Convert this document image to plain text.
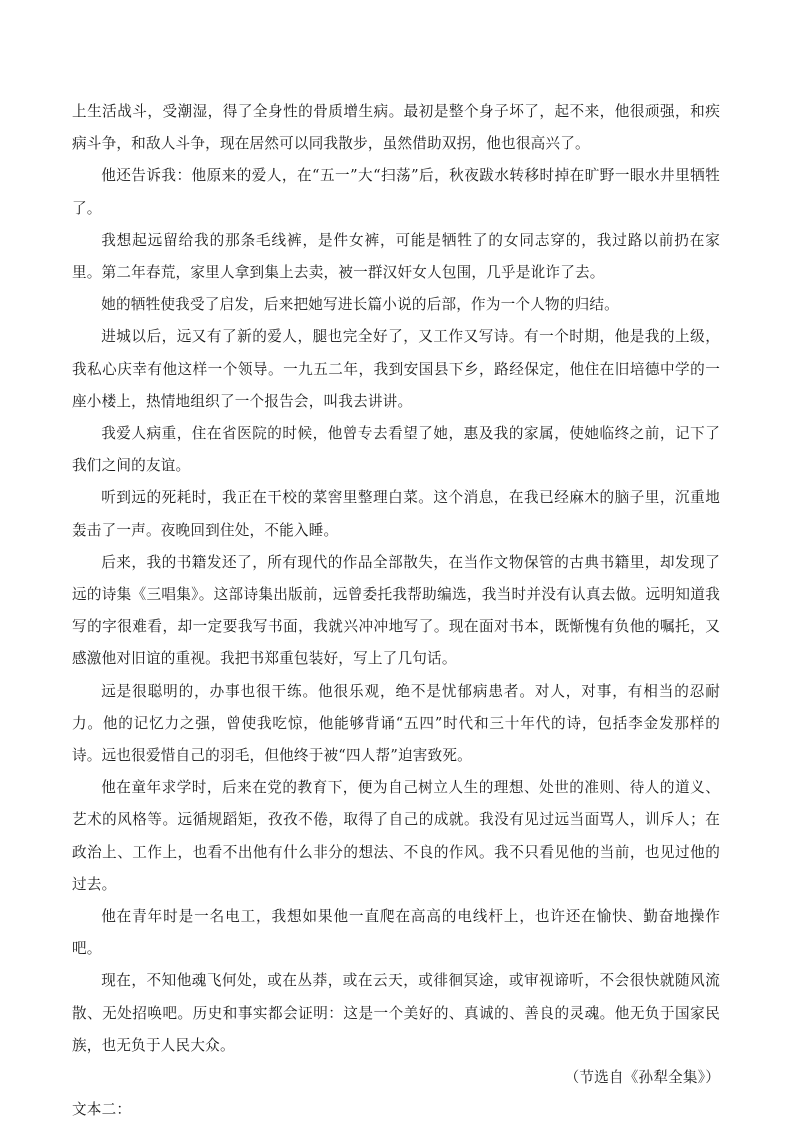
上生活战斗，受潮湿，得了全身性的骨质增生病。最初是整个身子坏了，起不来，他很顽强，和疾病斗争，和敌人斗争，现在居然可以同我散步，虽然借助双拐，他也很高兴了。

他还告诉我：他原来的爱人，在“五一”大“扫荡”后，秋夜跋水转移时掉在旷野一眼水井里牺牲了。

我想起远留给我的那条毛线裤，是件女裤，可能是牺牲了的女同志穿的，我过路以前扔在家里。第二年春荒，家里人拿到集上去卖，被一群汉奸女人包围，几乎是讹诈了去。

她的牺牲使我受了启发，后来把她写进长篇小说的后部，作为一个人物的归结。

进城以后，远又有了新的爱人，腿也完全好了，又工作又写诗。有一个时期，他是我的上级，我私心庆幸有他这样一个领导。一九五二年，我到安国县下乡，路经保定，他住在旧培德中学的一座小楼上，热情地组织了一个报告会，叫我去讲讲。

我爱人病重，住在省医院的时候，他曾专去看望了她，惠及我的家属，使她临终之前，记下了我们之间的友谊。

听到远的死耗时，我正在干校的菜窖里整理白菜。这个消息，在我已经麻木的脑子里，沉重地轰击了一声。夜晚回到住处，不能入睡。

后来，我的书籍发还了，所有现代的作品全部散失，在当作文物保管的古典书籍里，却发现了远的诗集《三唱集》。这部诗集出版前，远曾委托我帮助编选，我当时并没有认真去做。远明知道我写的字很难看，却一定要我写书面，我就兴冲冲地写了。现在面对书本，既惭愧有负他的嘱托，又感激他对旧谊的重视。我把书郑重包装好，写上了几句话。

远是很聪明的，办事也很干练。他很乐观，绝不是忧郁病患者。对人，对事，有相当的忍耐力。他的记忆力之强，曾使我吃惊，他能够背诵“五四”时代和三十年代的诗，包括李金发那样的诗。远也很爱惜自己的羽毛，但他终于被“四人帮”迫害致死。

他在童年求学时，后来在党的教育下，便为自己树立人生的理想、处世的准则、待人的道义、艺术的风格等。远循规蹈矩，孜孜不倦，取得了自己的成就。我没有见过远当面骂人，训斥人；在政治上、工作上，也看不出他有什么非分的想法、不良的作风。我不只看见他的当前，也见过他的过去。

他在青年时是一名电工，我想如果他一直爬在高高的电线杆上，也许还在愉快、勤奋地操作吧。

现在，不知他魂飞何处，或在丛莽，或在云天，或徘徊冥途，或审视谛听，不会很快就随风流散、无处招唤吧。历史和事实都会证明：这是一个美好的、真诚的、善良的灵魂。他无负于国家民族，也无负于人民大众。

（节选自《孙犁全集》）

文本二：
